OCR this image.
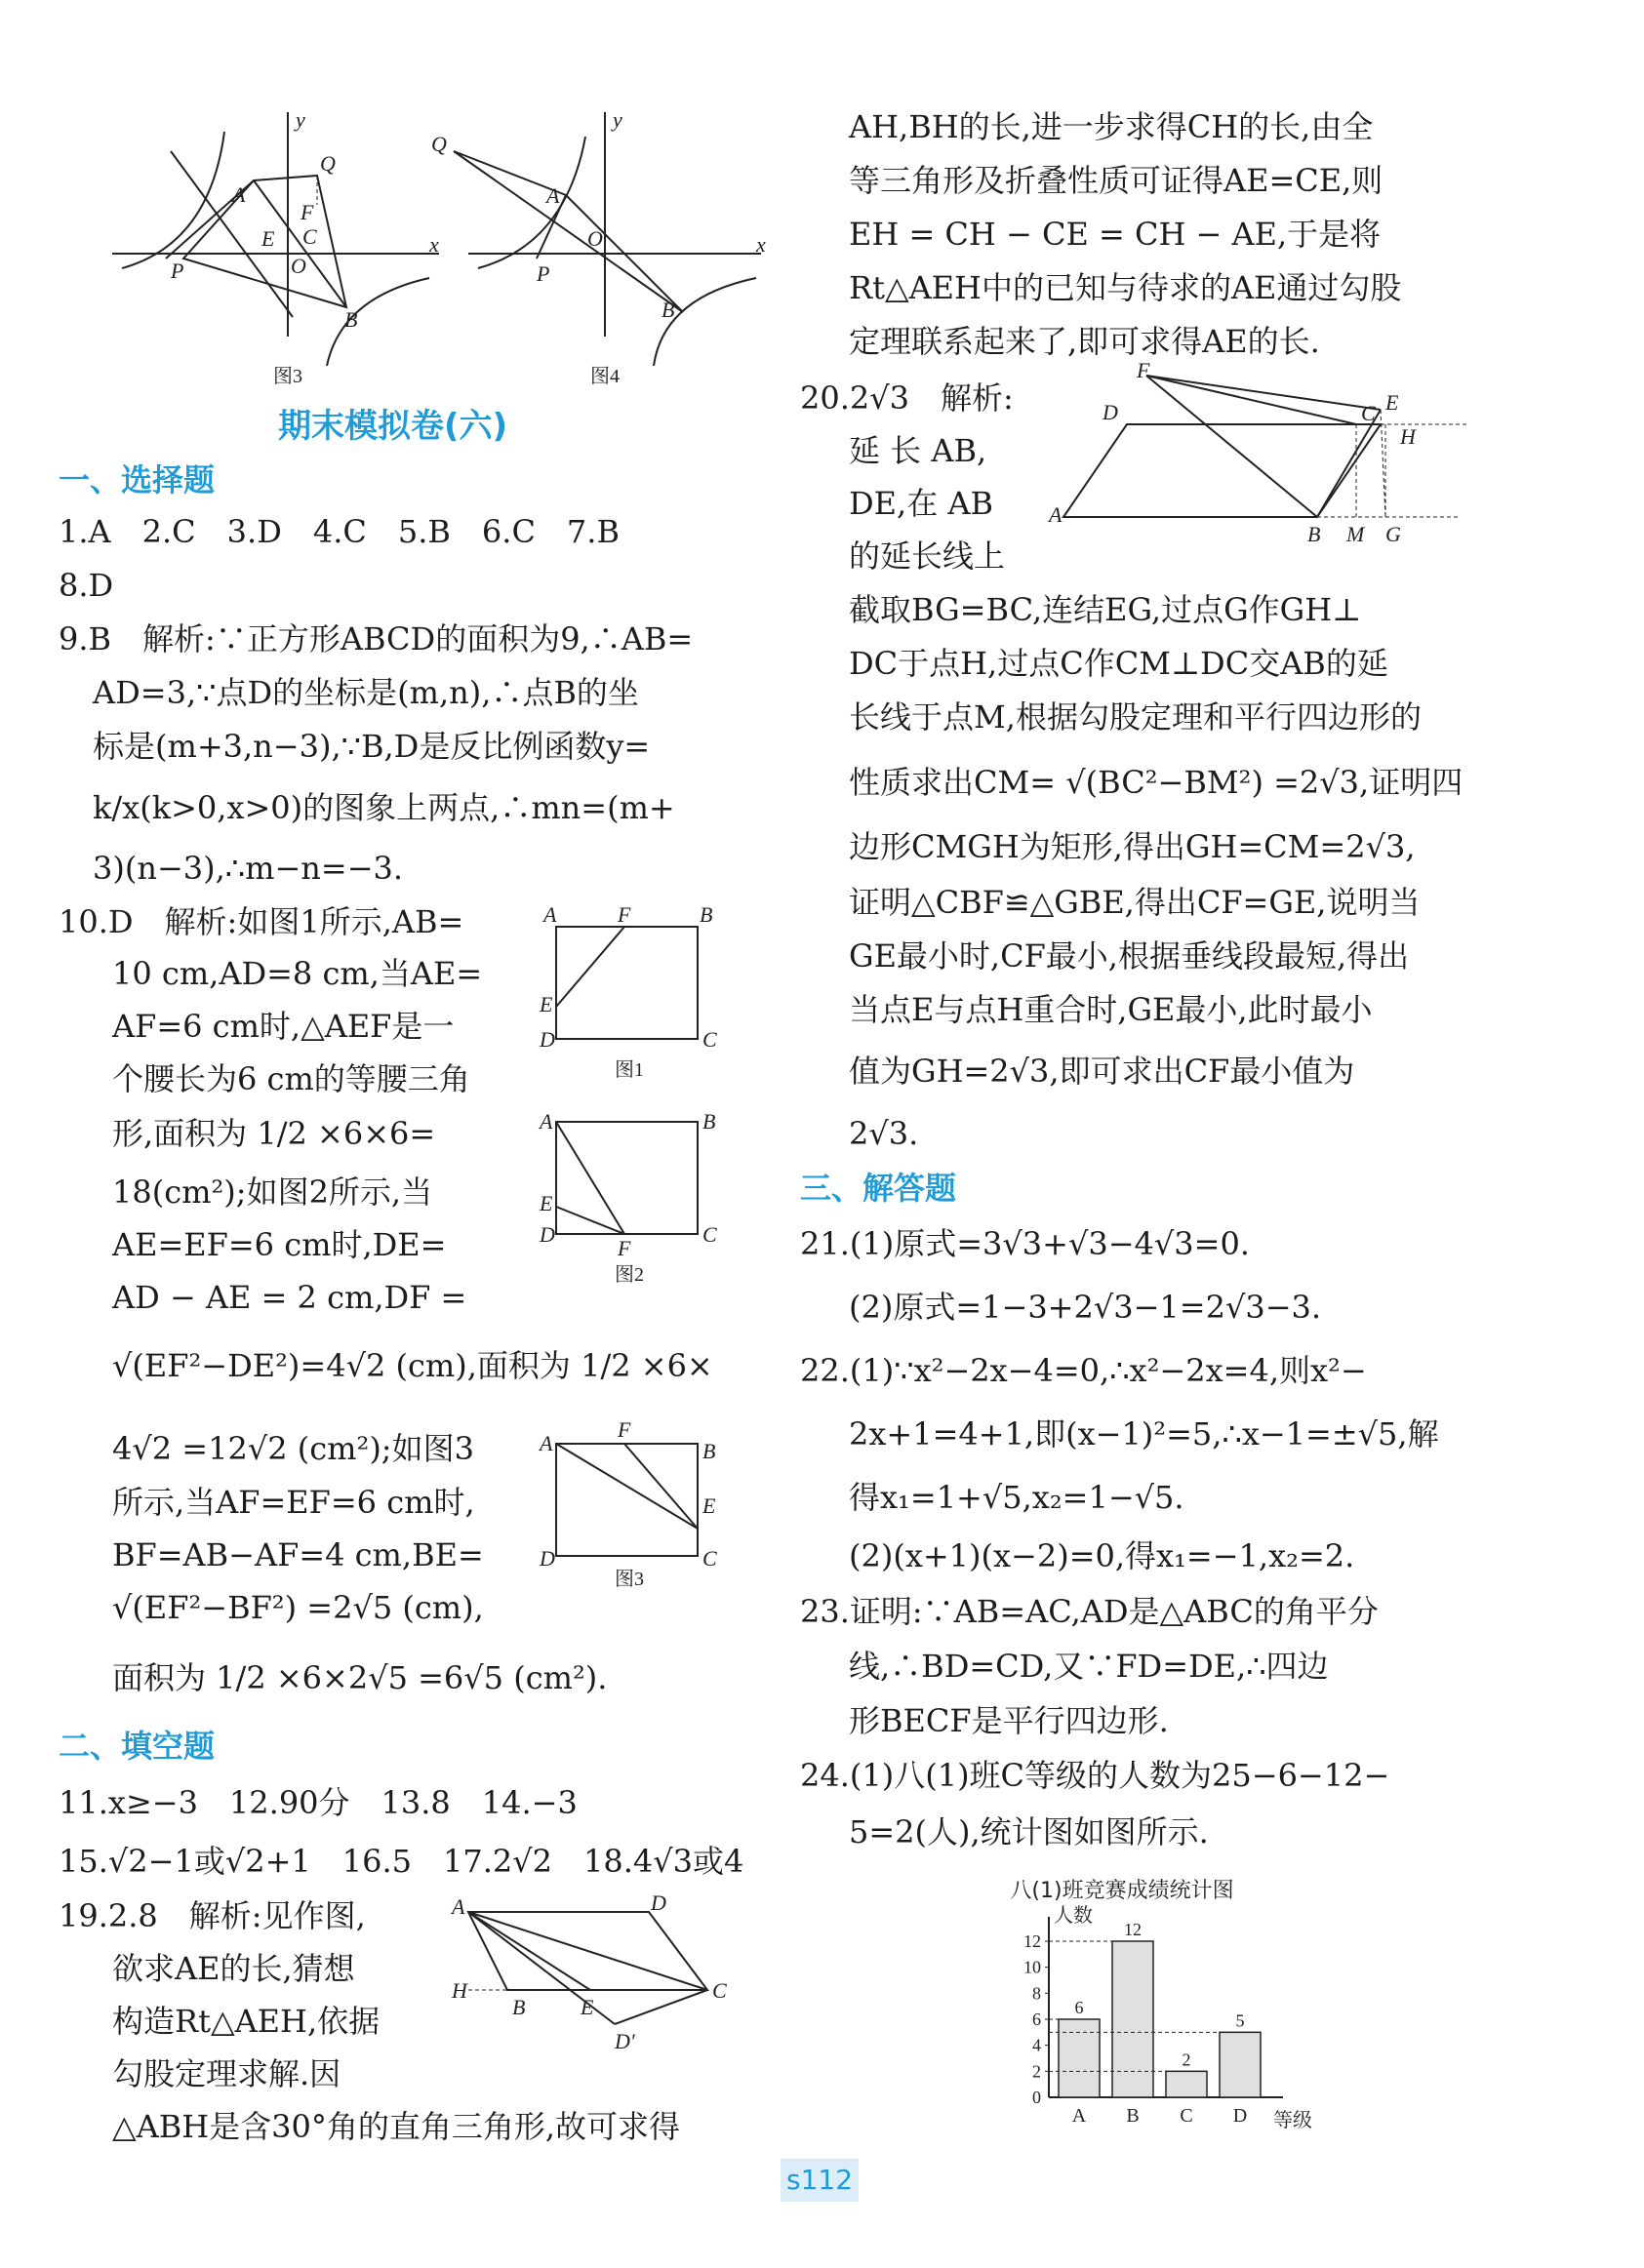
y
x
A
Q
F
E C
O
P
B
图3
Q
y
x
A
O
P
B
图4
期末模拟卷(六)
一、选择题
1.A　2.C　3.D　4.C　5.B　6.C　7.B
8.D
9.B　解析:∵正方形ABCD的面积为9,∴AB=
AD=3,∵点D的坐标是(m,n),∴点B的坐
标是(m+3,n−3),∵B,D是反比例函数y=
k/x(k>0,x>0)的图象上两点,∴mn=(m+
3)(n−3),∴m−n=−3.
10.D　解析:如图1所示,AB=
10 cm,AD=8 cm,当AE=
AF=6 cm时,△AEF是一
个腰长为6 cm的等腰三角
形,面积为 1/2 ×6×6=
18(cm²);如图2所示,当
AE=EF=6 cm时,DE=
AD − AE = 2 cm,DF =
√(EF²−DE²)=4√2 (cm),面积为 1/2 ×6×
4√2 =12√2 (cm²);如图3
所示,当AF=EF=6 cm时,
BF=AB−AF=4 cm,BE=
√(EF²−BF²) =2√5 (cm),
面积为 1/2 ×6×2√5 =6√5 (cm²).
A	F	B
E
D	C
图1
A	B
E
D
F
C
图2
A
F
B
E
D	C
图3
二、填空题
11.x≥−3　12.90分　13.8　14.−3
15.√2−1或√2+1　16.5　17.2√2　18.4√3或4
19.2.8　解析:见作图,
欲求AE的长,猜想
构造Rt△AEH,依据
勾股定理求解.因
△ABH是含30°角的直角三角形,故可求得
A	D
H
B	E
C
D′
AH,BH的长,进一步求得CH的长,由全
等三角形及折叠性质可证得AE=CE,则
EH = CH − CE = CH − AE,于是将
Rt△AEH中的已知与待求的AE通过勾股
定理联系起来了,即可求得AE的长.
20.2√3　解析:
延 长 AB,
DE,在 AB
的延长线上
截取BG=BC,连结EG,过点G作GH⊥
DC于点H,过点C作CM⊥DC交AB的延
长线于点M,根据勾股定理和平行四边形的
性质求出CM= √(BC²−BM²) =2√3,证明四
边形CMGH为矩形,得出GH=CM=2√3,
证明△CBF≌△GBE,得出CF=GE,说明当
GE最小时,CF最小,根据垂线段最短,得出
当点E与点H重合时,GE最小,此时最小
值为GH=2√3,即可求出CF最小值为
2√3.
A
D
F
C E
H
B M G
三、解答题
21.(1)原式=3√3+√3−4√3=0.
(2)原式=1−3+2√3−1=2√3−3.
22.(1)∵x²−2x−4=0,∴x²−2x=4,则x²−
2x+1=4+1,即(x−1)²=5,∴x−1=±√5,解
得x₁=1+√5,x₂=1−√5.
(2)(x+1)(x−2)=0,得x₁=−1,x₂=2.
23.证明:∵AB=AC,AD是△ABC的角平分
线,∴BD=CD,又∵FD=DE,∴四边
形BECF是平行四边形.
24.(1)八(1)班C等级的人数为25−6−12−
5=2(人),统计图如图所示.
八(1)班竞赛成绩统计图
人数
等级
0
2
4
6
8
10
12
6
A
12
B
2
C
5
D
s112
